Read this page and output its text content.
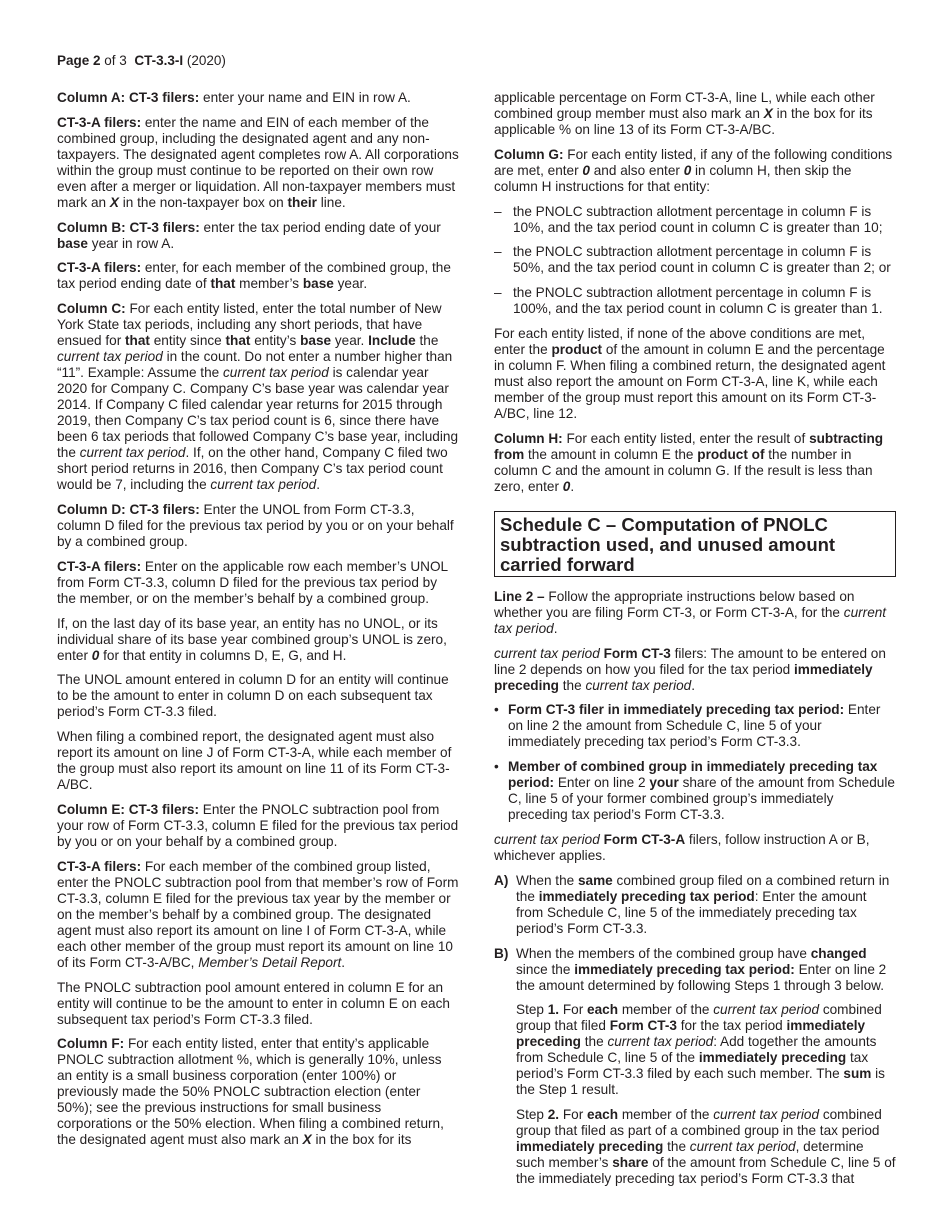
Page 2 of 3 CT-3.3-I (2020)

Column A: CT-3 filers: enter your name and EIN in row A.

CT-3-A filers: enter the name and EIN of each member of the combined group, including the designated agent and any non-taxpayers. The designated agent completes row A. All corporations within the group must continue to be reported on their own row even after a merger or liquidation. All non-taxpayer members must mark an X in the non-taxpayer box on their line.

Column B: CT-3 filers: enter the tax period ending date of your base year in row A.

CT-3-A filers: enter, for each member of the combined group, the tax period ending date of that member’s base year.

Column C: For each entity listed, enter the total number of New York State tax periods, including any short periods, that have ensued for that entity since that entity’s base year. Include the current tax period in the count. Do not enter a number higher than “11”. Example: Assume the current tax period is calendar year 2020 for Company C. Company C’s base year was calendar year 2014. If Company C filed calendar year returns for 2015 through 2019, then Company C’s tax period count is 6, since there have been 6 tax periods that followed Company C’s base year, including the current tax period. If, on the other hand, Company C filed two short period returns in 2016, then Company C’s tax period count would be 7, including the current tax period.

Column D: CT-3 filers: Enter the UNOL from Form CT-3.3, column D filed for the previous tax period by you or on your behalf by a combined group.

CT-3-A filers: Enter on the applicable row each member’s UNOL from Form CT-3.3, column D filed for the previous tax period by the member, or on the member’s behalf by a combined group.

If, on the last day of its base year, an entity has no UNOL, or its individual share of its base year combined group’s UNOL is zero, enter 0 for that entity in columns D, E, G, and H.

The UNOL amount entered in column D for an entity will continue to be the amount to enter in column D on each subsequent tax period’s Form CT-3.3 filed.

When filing a combined report, the designated agent must also report its amount on line J of Form CT-3-A, while each member of the group must also report its amount on line 11 of its Form CT-3-A/BC.

Column E: CT-3 filers: Enter the PNOLC subtraction pool from your row of Form CT-3.3, column E filed for the previous tax period by you or on your behalf by a combined group.

CT-3-A filers: For each member of the combined group listed, enter the PNOLC subtraction pool from that member’s row of Form CT-3.3, column E filed for the previous tax year by the member or on the member’s behalf by a combined group. The designated agent must also report its amount on line I of Form CT-3-A, while each other member of the group must report its amount on line 10 of its Form CT-3-A/BC, Member’s Detail Report.

The PNOLC subtraction pool amount entered in column E for an entity will continue to be the amount to enter in column E on each subsequent tax period’s Form CT-3.3 filed.

Column F: For each entity listed, enter that entity’s applicable PNOLC subtraction allotment %, which is generally 10%, unless an entity is a small business corporation (enter 100%) or previously made the 50% PNOLC subtraction election (enter 50%); see the previous instructions for small business corporations or the 50% election. When filing a combined return, the designated agent must also mark an X in the box for its

applicable percentage on Form CT-3-A, line L, while each other combined group member must also mark an X in the box for its applicable % on line 13 of its Form CT-3-A/BC.

Column G: For each entity listed, if any of the following conditions are met, enter 0 and also enter 0 in column H, then skip the column H instructions for that entity:

– the PNOLC subtraction allotment percentage in column F is 10%, and the tax period count in column C is greater than 10;
– the PNOLC subtraction allotment percentage in column F is 50%, and the tax period count in column C is greater than 2; or
– the PNOLC subtraction allotment percentage in column F is 100%, and the tax period count in column C is greater than 1.

For each entity listed, if none of the above conditions are met, enter the product of the amount in column E and the percentage in column F. When filing a combined return, the designated agent must also report the amount on Form CT-3-A, line K, while each member of the group must report this amount on its Form CT-3-A/BC, line 12.

Column H: For each entity listed, enter the result of subtracting from the amount in column E the product of the number in column C and the amount in column G. If the result is less than zero, enter 0.

Schedule C – Computation of PNOLC subtraction used, and unused amount carried forward

Line 2 – Follow the appropriate instructions below based on whether you are filing Form CT-3, or Form CT-3-A, for the current tax period.

current tax period Form CT-3 filers: The amount to be entered on line 2 depends on how you filed for the tax period immediately preceding the current tax period.

• Form CT-3 filer in immediately preceding tax period: Enter on line 2 the amount from Schedule C, line 5 of your immediately preceding tax period’s Form CT-3.3.
• Member of combined group in immediately preceding tax period: Enter on line 2 your share of the amount from Schedule C, line 5 of your former combined group’s immediately preceding tax period’s Form CT-3.3.

current tax period Form CT-3-A filers, follow instruction A or B, whichever applies.

A) When the same combined group filed on a combined return in the immediately preceding tax period: Enter the amount from Schedule C, line 5 of the immediately preceding tax period’s Form CT-3.3.
B) When the members of the combined group have changed since the immediately preceding tax period: Enter on line 2 the amount determined by following Steps 1 through 3 below.

Step 1. For each member of the current tax period combined group that filed Form CT-3 for the tax period immediately preceding the current tax period: Add together the amounts from Schedule C, line 5 of the immediately preceding tax period’s Form CT-3.3 filed by each such member. The sum is the Step 1 result.

Step 2. For each member of the current tax period combined group that filed as part of a combined group in the tax period immediately preceding the current tax period, determine such member’s share of the amount from Schedule C, line 5 of the immediately preceding tax period’s Form CT-3.3 that
